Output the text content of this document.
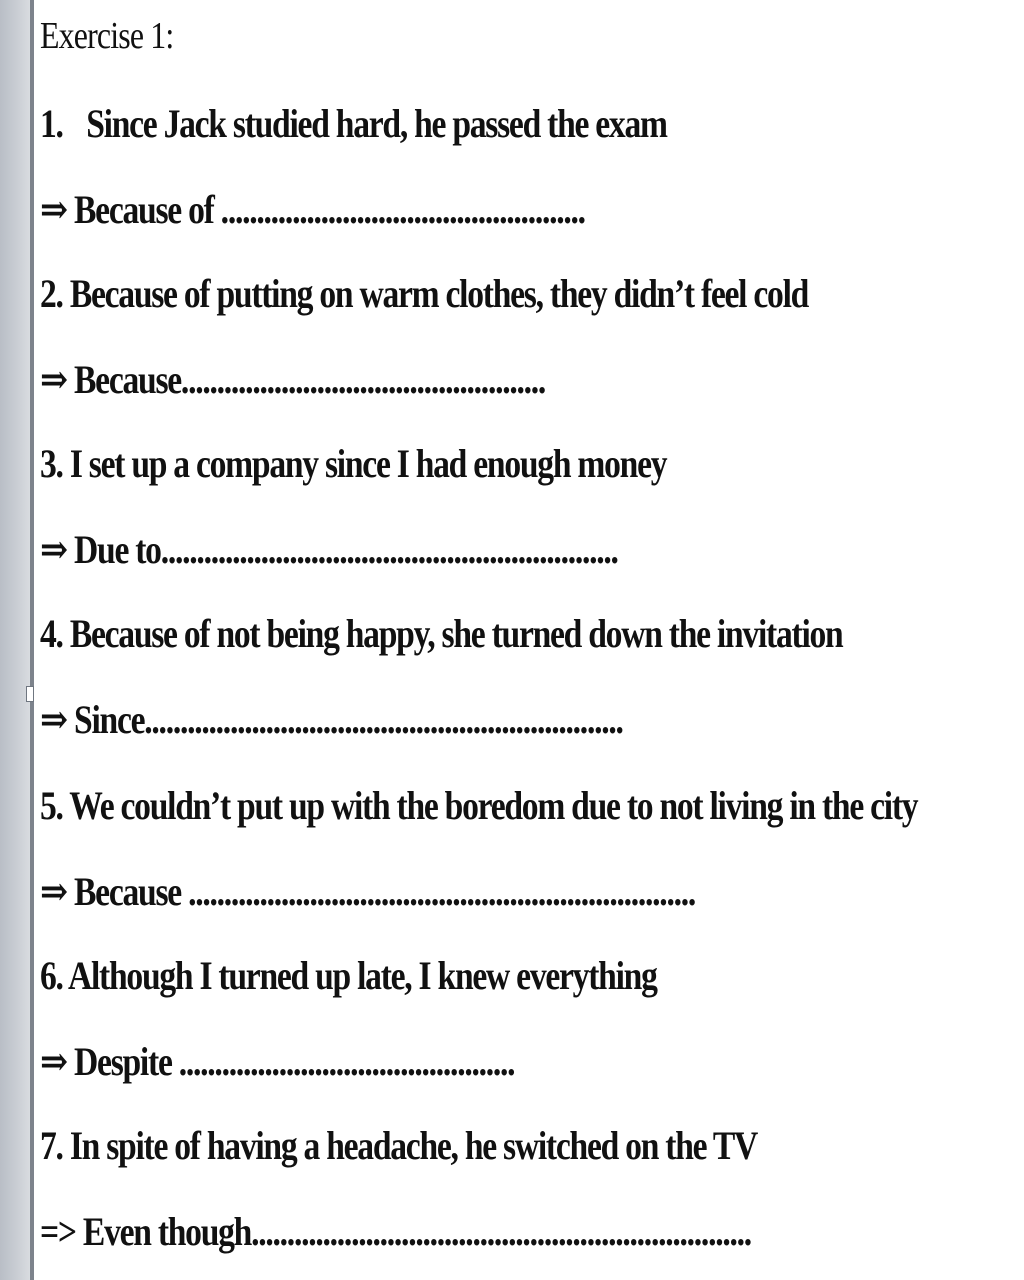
Exercise 1:

1. Since Jack studied hard, he passed the exam

⇒ Because of ...................................................

2. Because of putting on warm clothes, they didn’t feel cold

⇒ Because...................................................

3. I set up a company since I had enough money

⇒ Due to................................................................

4. Because of not being happy, she turned down the invitation

⇒ Since...................................................................

5. We couldn’t put up with the boredom due to not living in the city

⇒ Because .......................................................................

6. Although I turned up late, I knew everything

⇒ Despite ...............................................

7. In spite of having a headache, he switched on the TV

=> Even though......................................................................
